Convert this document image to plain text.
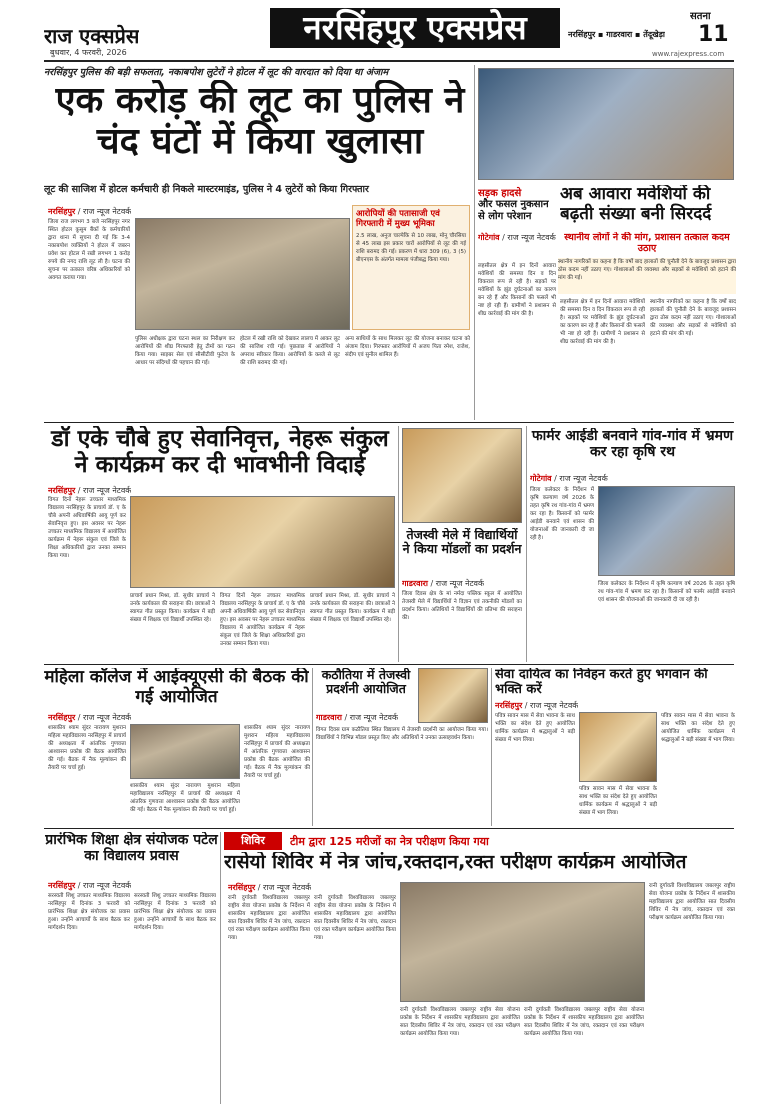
राज एक्सप्रेस
बुधवार, 4 फरवरी, 2026
नरसिंहपुर एक्सप्रेस	सतना
11
नरसिंहपुर ▪ गाडरवारा ▪ तेंदूखेड़ा
www.rajexpress.com
नरसिंहपुर पुलिस की बड़ी सफलता, नकाबपोश लुटेरों ने होटल में लूट की वारदात को दिया था अंजाम
एक करोड़ की लूट का पुलिस ने चंद घंटों में किया खुलासा
लूट की साजिश में होटल कर्मचारी ही निकले मास्टरमाइंड, पुलिस ने 4 लुटेरों को किया गिरफ्तार
नरसिंहपुर / राज न्यूज नेटवर्क
जिला राज लगभग 3 बजे नरसिंहपुर नगर स्थित होटल कुसुम बैंकों के कर्मचारियों द्वारा थाना में सूचना दी गई कि 3-4 नकाबपोश व्यक्तियों ने होटल में जबरन प्रवेश कर होटल में रखी लगभग 1 करोड़ रुपये की नगद राशि लूट ली है। घटना की सूचना पर तत्काल वरिष्ठ अधिकारियों को अवगत कराया गया।
आरोपियों की पतासाजी एवं गिरफ्तारी में मुख्य भूमिका
2.5 लाख, अनुज चाल्पेकि से 10 लाख, मोनू चौरसिया से 45 लाख इस प्रकार चारों आरोपियों से लूट की गई राशि बरामद की गई। प्रकरण में धारा 309 (6), 3 (5) बीएनएस के अंतर्गत मामला पंजीबद्ध किया गया।
पुलिस अधीक्षक द्वारा घटना स्थल का निरीक्षण कर आरोपियों की शीघ्र गिरफ्तारी हेतु टीमों का गठन किया गया। साइबर सेल एवं सीसीटीवी फुटेज के आधार पर संदिग्धों की पहचान की गई।
होटल में रखी राशि को देखकर लालच में आकर लूट की साजिश रची गई। पूछताछ में आरोपियों ने अपराध स्वीकार किया। आरोपियों के कब्जे से लूट की राशि बरामद की गई।
अन्य साथियों के साथ मिलकर लूट की योजना बनाकर घटना को अंजाम दिया। गिरफ्तार आरोपियों में अजय पिता रमेश, राजेश, संदीप एवं सुनील शामिल हैं।
सड़क हादसे
और फसल नुकसान से लोग परेशान
अब आवारा मवेशियों की बढ़ती संख्या बनी सिरदर्द
स्थानीय लोगों ने की मांग, प्रशासन तत्काल कदम उठाए
गोटेगांव / राज न्यूज नेटवर्क
स्थानीय नागरिकों का कहना है कि वर्षों बाद हालातों की चुनौती देने के बावजूद प्रशासन द्वारा ठोस कदम नहीं उठाए गए। गोशालाओं की व्यवस्था और सड़कों से मवेशियों को हटाने की मांग की गई।
लहसीतल क्षेत्र में इन दिनों आवारा मवेशियों की समस्या दिन व दिन विकराल रूप ले रही है। सड़कों पर मवेशियों के झुंड दुर्घटनाओं का कारण बन रहे हैं और किसानों की फसलें भी नष्ट हो रही हैं। ग्रामीणों ने प्रशासन से शीघ्र कार्रवाई की मांग की है।
लहसीतल क्षेत्र में इन दिनों आवारा मवेशियों की समस्या दिन व दिन विकराल रूप ले रही है। सड़कों पर मवेशियों के झुंड दुर्घटनाओं का कारण बन रहे हैं और किसानों की फसलें भी नष्ट हो रही हैं। ग्रामीणों ने प्रशासन से शीघ्र कार्रवाई की मांग की है।
स्थानीय नागरिकों का कहना है कि वर्षों बाद हालातों की चुनौती देने के बावजूद प्रशासन द्वारा ठोस कदम नहीं उठाए गए। गोशालाओं की व्यवस्था और सड़कों से मवेशियों को हटाने की मांग की गई।
डॉ एके चौबे हुए सेवानिवृत्त, नेहरू संकुल ने कार्यक्रम कर दी भावभीनी विदाई
नरसिंहपुर / राज न्यूज नेटवर्क
विगत दिनों नेहरू उच्चतर माध्यमिक विद्यालय नरसिंहपुर के प्राचार्य डॉ. ए के चौबे अपनी अधिवार्षिकी आयु पूर्ण कर सेवानिवृत्त हुए। इस अवसर पर नेहरू उच्चतर माध्यमिक विद्यालय में आयोजित कार्यक्रम में नेहरू संकुल एवं जिले के शिक्षा अधिकारियों द्वारा उनका सम्मान किया गया।
प्राचार्य प्रधान मिश्रा, डॉ. सुधीर प्राचार्य ने उनके कार्यकाल की सराहना की। छात्राओं ने स्वागत गीत प्रस्तुत किया। कार्यक्रम में बड़ी संख्या में शिक्षक एवं विद्यार्थी उपस्थित रहे।
विगत दिनों नेहरू उच्चतर माध्यमिक विद्यालय नरसिंहपुर के प्राचार्य डॉ. ए के चौबे अपनी अधिवार्षिकी आयु पूर्ण कर सेवानिवृत्त हुए। इस अवसर पर नेहरू उच्चतर माध्यमिक विद्यालय में आयोजित कार्यक्रम में नेहरू संकुल एवं जिले के शिक्षा अधिकारियों द्वारा उनका सम्मान किया गया।
प्राचार्य प्रधान मिश्रा, डॉ. सुधीर प्राचार्य ने उनके कार्यकाल की सराहना की। छात्राओं ने स्वागत गीत प्रस्तुत किया। कार्यक्रम में बड़ी संख्या में शिक्षक एवं विद्यार्थी उपस्थित रहे।
तेजस्वी मेले में विद्यार्थियों ने किया मॉडलों का प्रदर्शन
गाडरवारा / राज न्यूज नेटवर्क
जिला दिवस क्षेत्र के मां नर्मदा पब्लिक स्कूल में आयोजित तेजस्वी मेले में विद्यार्थियों ने विज्ञान एवं तकनीकी मॉडलों का प्रदर्शन किया। अतिथियों ने विद्यार्थियों की प्रतिभा की सराहना की।
फार्मर आईडी बनवाने गांव-गांव में भ्रमण कर रहा कृषि रथ
गोटेगांव / राज न्यूज नेटवर्क
जिला कलेक्टर के निर्देशन में कृषि कल्याण वर्ष 2026 के तहत कृषि रथ गांव-गांव में भ्रमण कर रहा है। किसानों को फार्मर आईडी बनवाने एवं शासन की योजनाओं की जानकारी दी जा रही है।
जिला कलेक्टर के निर्देशन में कृषि कल्याण वर्ष 2026 के तहत कृषि रथ गांव-गांव में भ्रमण कर रहा है। किसानों को फार्मर आईडी बनवाने एवं शासन की योजनाओं की जानकारी दी जा रही है।
महिला कॉलेज में आईक्यूएसी की बैठक की गई आयोजित
नरसिंहपुर / राज न्यूज नेटवर्क
शासकीय श्याम सुंदर नारायण मुशरान महिला महाविद्यालय नरसिंहपुर में प्राचार्य की अध्यक्षता में आंतरिक गुणवत्ता आश्वासन प्रकोष्ठ की बैठक आयोजित की गई। बैठक में नैक मूल्यांकन की तैयारी पर चर्चा हुई।
शासकीय श्याम सुंदर नारायण मुशरान महिला महाविद्यालय नरसिंहपुर में प्राचार्य की अध्यक्षता में आंतरिक गुणवत्ता आश्वासन प्रकोष्ठ की बैठक आयोजित की गई। बैठक में नैक मूल्यांकन की तैयारी पर चर्चा हुई।
शासकीय श्याम सुंदर नारायण मुशरान महिला महाविद्यालय नरसिंहपुर में प्राचार्य की अध्यक्षता में आंतरिक गुणवत्ता आश्वासन प्रकोष्ठ की बैठक आयोजित की गई। बैठक में नैक मूल्यांकन की तैयारी पर चर्चा हुई।
कठौतिया में तेजस्वी प्रदर्शनी आयोजित
गाडरवारा / राज न्यूज नेटवर्क
विगत दिवस ग्राम कठौतिया स्थित विद्यालय में तेजस्वी प्रदर्शनी का आयोजन किया गया। विद्यार्थियों ने विभिन्न मॉडल प्रस्तुत किए और अतिथियों ने उनका उत्साहवर्धन किया।
सेवा दायित्व का निर्वहन करते हुए भगवान की भक्ति करें
नरसिंहपुर / राज न्यूज नेटवर्क
पवित्र सावन मास में सेवा भावना के साथ भक्ति का संदेश देते हुए आयोजित धार्मिक कार्यक्रम में श्रद्धालुओं ने बड़ी संख्या में भाग लिया।
पवित्र सावन मास में सेवा भावना के साथ भक्ति का संदेश देते हुए आयोजित धार्मिक कार्यक्रम में श्रद्धालुओं ने बड़ी संख्या में भाग लिया।
पवित्र सावन मास में सेवा भावना के साथ भक्ति का संदेश देते हुए आयोजित धार्मिक कार्यक्रम में श्रद्धालुओं ने बड़ी संख्या में भाग लिया।
प्रारंभिक शिक्षा क्षेत्र संयोजक पटेल का विद्यालय प्रवास
नरसिंहपुर / राज न्यूज नेटवर्क
सरस्वती शिशु उच्चतर माध्यमिक विद्यालय नरसिंहपुर में दिनांक 3 फरवरी को प्रारंभिक शिक्षा क्षेत्र संयोजक का प्रवास हुआ। उन्होंने आचार्यों के साथ बैठक कर मार्गदर्शन दिया।
सरस्वती शिशु उच्चतर माध्यमिक विद्यालय नरसिंहपुर में दिनांक 3 फरवरी को प्रारंभिक शिक्षा क्षेत्र संयोजक का प्रवास हुआ। उन्होंने आचार्यों के साथ बैठक कर मार्गदर्शन दिया।
शिविर	टीम द्वारा 125 मरीजों का नेत्र परीक्षण किया गया
रासेयो शिविर में नेत्र जांच,रक्तदान,रक्त परीक्षण कार्यक्रम आयोजित
नरसिंहपुर / राज न्यूज नेटवर्क
रानी दुर्गावती विश्वविद्यालय जबलपुर राष्ट्रीय सेवा योजना प्रकोष्ठ के निर्देशन में शासकीय महाविद्यालय द्वारा आयोजित सात दिवसीय शिविर में नेत्र जांच, रक्तदान एवं रक्त परीक्षण कार्यक्रम आयोजित किया गया।
रानी दुर्गावती विश्वविद्यालय जबलपुर राष्ट्रीय सेवा योजना प्रकोष्ठ के निर्देशन में शासकीय महाविद्यालय द्वारा आयोजित सात दिवसीय शिविर में नेत्र जांच, रक्तदान एवं रक्त परीक्षण कार्यक्रम आयोजित किया गया।
रानी दुर्गावती विश्वविद्यालय जबलपुर राष्ट्रीय सेवा योजना प्रकोष्ठ के निर्देशन में शासकीय महाविद्यालय द्वारा आयोजित सात दिवसीय शिविर में नेत्र जांच, रक्तदान एवं रक्त परीक्षण कार्यक्रम आयोजित किया गया।
रानी दुर्गावती विश्वविद्यालय जबलपुर राष्ट्रीय सेवा योजना प्रकोष्ठ के निर्देशन में शासकीय महाविद्यालय द्वारा आयोजित सात दिवसीय शिविर में नेत्र जांच, रक्तदान एवं रक्त परीक्षण कार्यक्रम आयोजित किया गया।
रानी दुर्गावती विश्वविद्यालय जबलपुर राष्ट्रीय सेवा योजना प्रकोष्ठ के निर्देशन में शासकीय महाविद्यालय द्वारा आयोजित सात दिवसीय शिविर में नेत्र जांच, रक्तदान एवं रक्त परीक्षण कार्यक्रम आयोजित किया गया।
